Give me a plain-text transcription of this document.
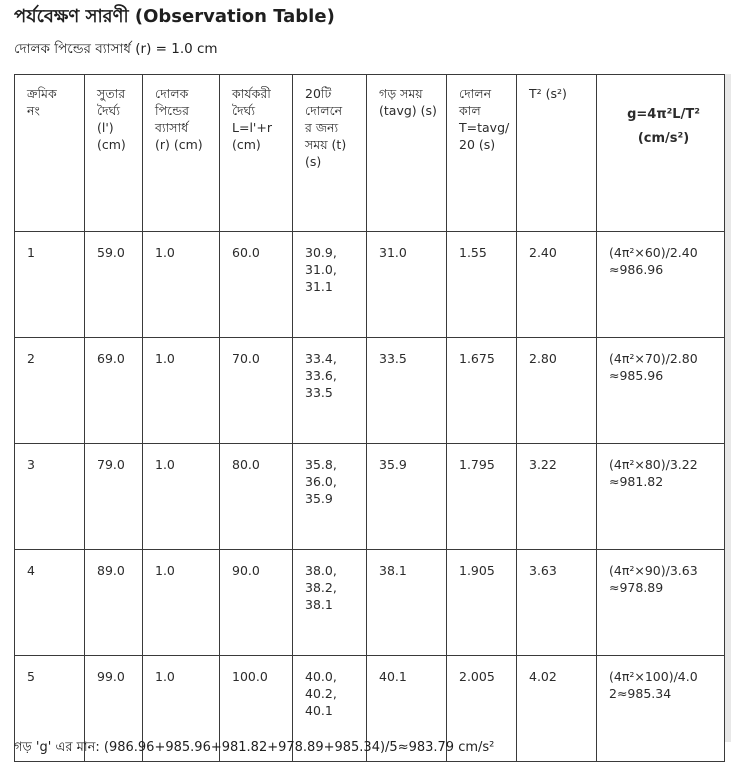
পর্যবেক্ষণ সারণী (Observation Table)
দোলক পিন্ডের ব্যাসার্ধ (r) = 1.0 cm
ক্রমিক
নং	সুতার
দৈর্ঘ্য
(l')
(cm)	দোলক
পিন্ডের
ব্যাসার্ধ
(r) (cm)	কার্যকরী
দৈর্ঘ্য
L=l'+r
(cm)	20টি
দোলনে
র জন্য
সময় (t)
(s)	গড় সময়
(tavg) (s)	দোলন
কাল
T=tavg/
20 (s)	T² (s²)	g=4π²L/T²
(cm/s²)

1	59.0	1.0	60.0	30.9,
31.0,
31.1	31.0	1.55	2.40	(4π²×60)/2.40
≈986.96

2	69.0	1.0	70.0	33.4,
33.6,
33.5	33.5	1.675	2.80	(4π²×70)/2.80
≈985.96

3	79.0	1.0	80.0	35.8,
36.0,
35.9	35.9	1.795	3.22	(4π²×80)/3.22
≈981.82

4	89.0	1.0	90.0	38.0,
38.2,
38.1	38.1	1.905	3.63	(4π²×90)/3.63
≈978.89

5	99.0	1.0	100.0	40.0,
40.2,
40.1	40.1	2.005	4.02	(4π²×100)/4.0
2≈985.34
গড় 'g' এর মান: (986.96+985.96+981.82+978.89+985.34)/5≈983.79 cm/s²
